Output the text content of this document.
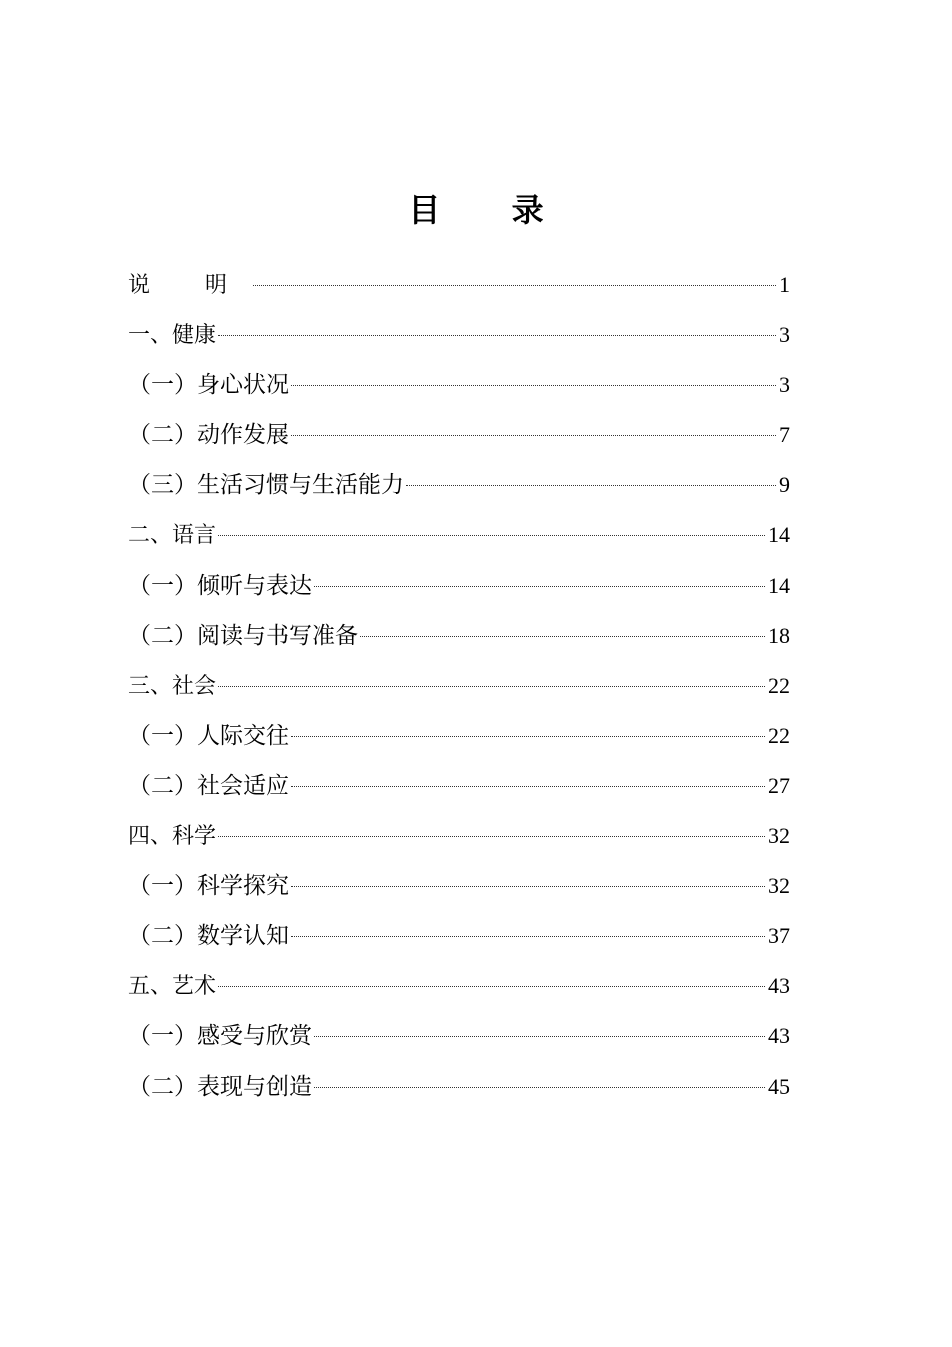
目 录
说 明	1
一、健康	3
（一）身心状况	3
（二）动作发展	7
（三）生活习惯与生活能力	9
二、语言	14
（一）倾听与表达	14
（二）阅读与书写准备	18
三、社会	22
（一）人际交往	22
（二）社会适应	27
四、科学	32
（一）科学探究	32
（二）数学认知	37
五、艺术	43
（一）感受与欣赏	43
（二）表现与创造	45
